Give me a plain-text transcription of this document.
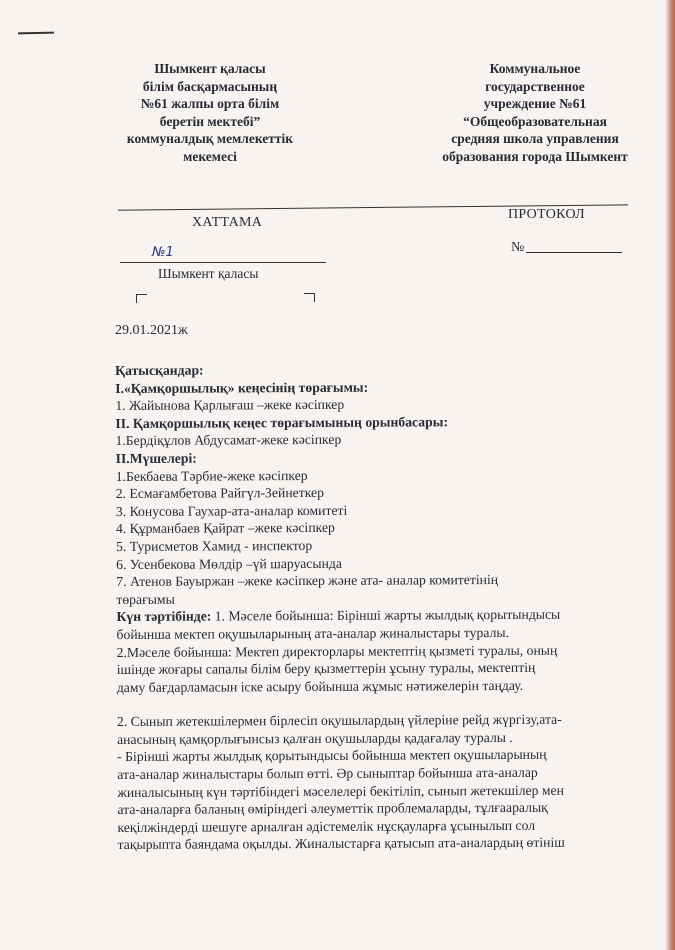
Шымкент қаласы
білім басқармасының
№61 жалпы орта білім
беретін мектебі”
коммуналдық мемлекеттік
мекемесі
Коммунальное
государственное
учреждение №61
“Общеобразовательная
средняя школа управления
образования города Шымкент
ХАТТАМА
ПРОТОКОЛ
№1	№
Шымкент қаласы
29.01.2021ж
Қатысқандар:
І.«Қамқоршылық» кеңесінің төрағымы:
1. Жайынова Қарлығаш –жеке кәсіпкер
ІІ. Қамқоршылық кеңес төрағымының орынбасары:
1.Бердіқұлов Абдусамат-жеке кәсіпкер
ІІ.Мүшелері:
1.Бекбаева Тәрбие-жеке кәсіпкер
2. Есмағамбетова Райгүл-Зейнеткер
3. Конусова Гаухар-ата-аналар комитеті
4. Құрманбаев Қайрат –жеке кәсіпкер
5. Турисметов Хамид - инспектор
6. Усенбекова Мөлдір –үй шаруасында
7. Атенов Бауыржан –жеке кәсіпкер және ата- аналар комитетінің
төрағымы
Күн тәртібінде: 1. Мәселе бойынша: Бірінші жарты жылдық қорытындысы
бойынша мектеп оқушыларының ата-аналар жиналыстары туралы.
2.Мәселе бойынша: Мектеп директорлары мектептің қызметі туралы, оның
ішінде жоғары сапалы білім беру қызметтерін ұсыну туралы, мектептің
даму бағдарламасын іске асыру бойынша жұмыс нәтижелерін таңдау.
2. Сынып жетекшілермен бірлесіп оқушылардың үйлеріне рейд жүргізу,ата-
анасының қамқорлығынсыз қалған оқушыларды қадағалау туралы .
- Бірінші жарты жылдық қорытындысы бойынша мектеп оқушыларының
ата-аналар жиналыстары болып өтті. Әр сыныптар бойынша ата-аналар
жиналысының күн тәртібіндегі мәселелері бекітіліп, сынып жетекшілер мен
ата-аналарға баланың өміріндегі әлеуметтік проблемаларды, тұлғааралық
кеқілжіндерді шешуге арналған әдістемелік нұсқауларға ұсынылып сол
тақырыпта баяндама оқылды. Жиналыстарға қатысып ата-аналардың өтініш
